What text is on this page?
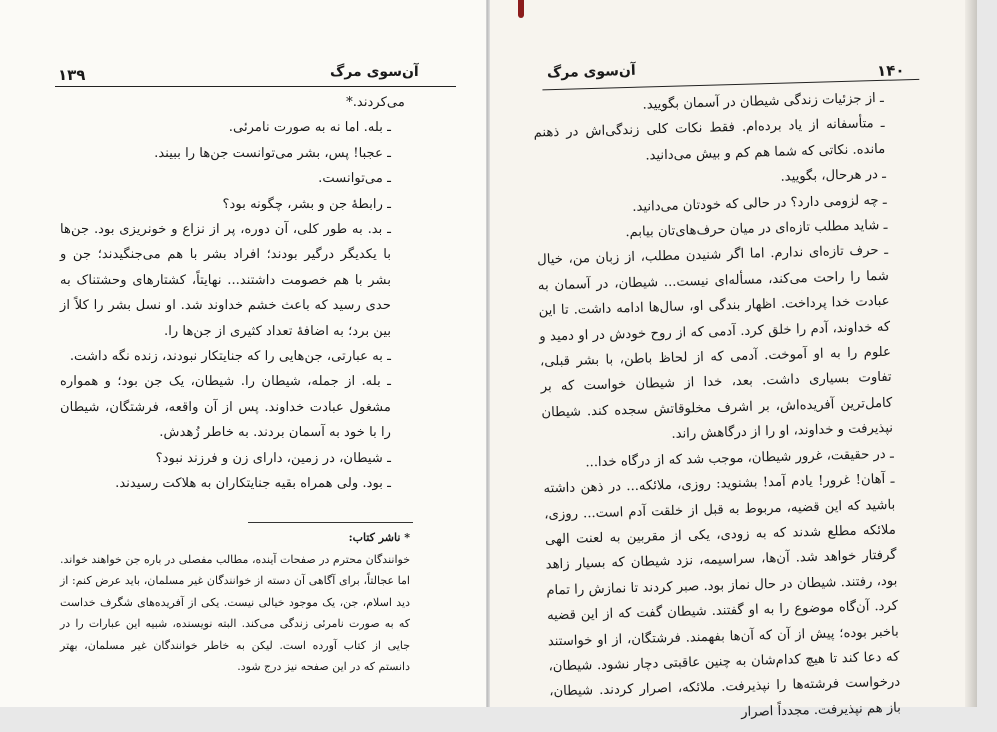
۱۳۹	آن‌سوی مرگ

می‌کردند.*

ـ بله. اما نه به صورت نامرئی.

ـ عجبا! پس، بشر می‌توانست جن‌ها را ببیند.

ـ می‌توانست.

ـ رابطهٔ جن و بشر، چگونه بود؟

ـ بد. به طور کلی، آن دوره، پر از نزاع و خونریزی بود. جن‌ها با یکدیگر درگیر بودند؛ افراد بشر با هم می‌جنگیدند؛ جن و بشر با هم خصومت داشتند... نهایتاً، کشتارهای وحشتناک به حدی رسید که باعث خشم خداوند شد. او نسل بشر را کلاً از بین برد؛ به اضافهٔ تعداد کثیری از جن‌ها را.

ـ به عبارتی، جن‌هایی را که جنایتکار نبودند، زنده نگه داشت.

ـ بله. از جمله، شیطان را. شیطان، یک جن بود؛ و همواره مشغول عبادت خداوند. پس از آن واقعه، فرشتگان، شیطان را با خود به آسمان بردند. به خاطر زُهدش.

ـ شیطان، در زمین، دارای زن و فرزند نبود؟

ـ بود. ولی همراه بقیه جنایتکاران به هلاکت رسیدند.

* ناشر کتاب:

خوانندگان محترم در صفحات آینده، مطالب مفصلی در باره جن خواهند خواند. اما عجالتاً، برای آگاهی آن دسته از خوانندگان غیر مسلمان، باید عرض کنم: از دید اسلام، جن، یک موجود خیالی نیست. یکی از آفریده‌های شگرف خداست که به صورت نامرئی زندگی می‌کند. البته نویسنده، شبیه این عبارات را در جایی از کتاب آورده است. لیکن به خاطر خوانندگان غیر مسلمان، بهتر دانستم که در این صفحه نیز درج شود.

آن‌سوی مرگ	۱۴۰

ـ از جزئیات زندگی شیطان در آسمان بگویید.

ـ متأسفانه از یاد برده‌ام. فقط نکات کلی زندگی‌اش در ذهنم مانده. نکاتی که شما هم کم و بیش می‌دانید.

ـ در هرحال، بگویید.

ـ چه لزومی دارد؟ در حالی که خودتان می‌دانید.

ـ شاید مطلب تازه‌ای در میان حرف‌های‌تان بیابم.

ـ حرف تازه‌ای ندارم. اما اگر شنیدن مطلب، از زبان من، خیال شما را راحت می‌کند، مسأله‌ای نیست... شیطان، در آسمان به عبادت خدا پرداخت. اظهار بندگی او، سال‌ها ادامه داشت. تا این که خداوند، آدم را خلق کرد. آدمی که از روح خودش در او دمید و علوم را به او آموخت. آدمی که از لحاظ باطن، با بشر قبلی، تفاوت بسیاری داشت. بعد، خدا از شیطان خواست که بر کامل‌ترین آفریده‌اش، بر اشرف مخلوقاتش سجده کند. شیطان نپذیرفت و خداوند، او را از درگاهش راند.

ـ در حقیقت، غرور شیطان، موجب شد که از درگاه خدا...

ـ آهان! غرور! یادم آمد! بشنوید: روزی، ملائکه... در ذهن داشته باشید که این قضیه، مربوط به قبل از خلقت آدم است... روزی، ملائکه مطلع شدند که به زودی، یکی از مقربین به لعنت الهی گرفتار خواهد شد. آن‌ها، سراسیمه، نزد شیطان که بسیار زاهد بود، رفتند. شیطان در حال نماز بود. صبر کردند تا نمازش را تمام کرد. آن‌گاه موضوع را به او گفتند. شیطان گفت که از این قضیه باخبر بوده؛ پیش از آن که آن‌ها بفهمند. فرشتگان، از او خواستند که دعا کند تا هیچ کدام‌شان به چنین عاقبتی دچار نشود. شیطان، درخواست فرشته‌ها را نپذیرفت. ملائکه، اصرار کردند. شیطان، باز هم نپذیرفت. مجدداً اصرار
